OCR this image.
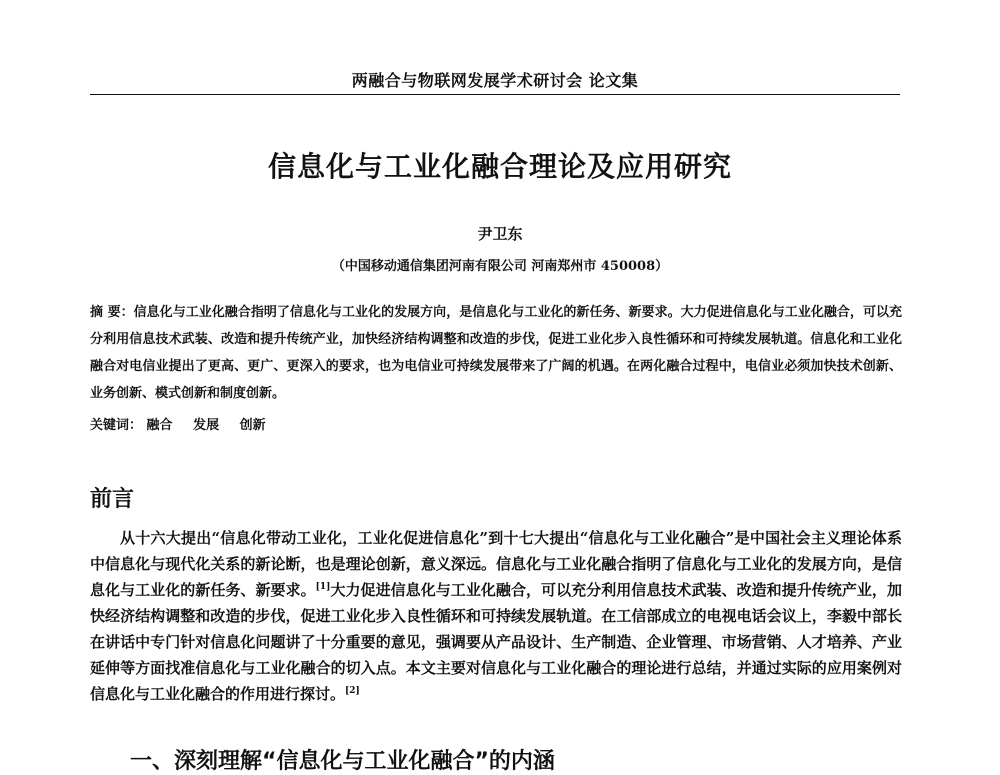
两融合与物联网发展学术研讨会 论文集
信息化与工业化融合理论及应用研究
尹卫东
（中国移动通信集团河南有限公司 河南郑州市 450008）
摘 要：信息化与工业化融合指明了信息化与工业化的发展方向，是信息化与工业化的新任务、新要求。大力促进信息化与工业化融合，可以充分利用信息技术武装、改造和提升传统产业，加快经济结构调整和改造的步伐，促进工业化步入良性循环和可持续发展轨道。信息化和工业化融合对电信业提出了更高、更广、更深入的要求，也为电信业可持续发展带来了广阔的机遇。在两化融合过程中，电信业必须加快技术创新、业务创新、模式创新和制度创新。
关键词： 融合 发展 创新
前言
从十六大提出“信息化带动工业化，工业化促进信息化”到十七大提出“信息化与工业化融合”是中国社会主义理论体系中信息化与现代化关系的新论断，也是理论创新，意义深远。信息化与工业化融合指明了信息化与工业化的发展方向，是信息化与工业化的新任务、新要求。[1]大力促进信息化与工业化融合，可以充分利用信息技术武装、改造和提升传统产业，加快经济结构调整和改造的步伐，促进工业化步入良性循环和可持续发展轨道。在工信部成立的电视电话会议上，李毅中部长在讲话中专门针对信息化问题讲了十分重要的意见，强调要从产品设计、生产制造、企业管理、市场营销、人才培养、产业延伸等方面找准信息化与工业化融合的切入点。本文主要对信息化与工业化融合的理论进行总结，并通过实际的应用案例对信息化与工业化融合的作用进行探讨。[2]
一、深刻理解“信息化与工业化融合”的内涵
